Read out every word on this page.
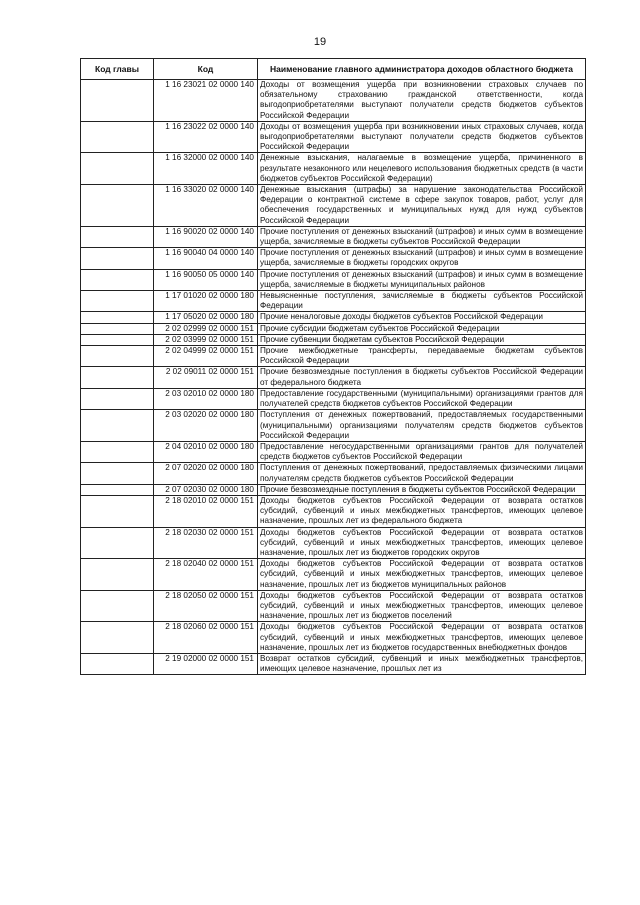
19
Код главы	Код	Наименование главного администратора доходов областного бюджета
	1 16 23021 02 0000 140	Доходы от возмещения ущерба при возникновении страховых случаев по обязательному страхованию гражданской ответственности, когда выгодоприобретателями выступают получатели средств бюджетов субъектов Российской Федерации
	1 16 23022 02 0000 140	Доходы от возмещения ущерба при возникновении иных страховых случаев, когда выгодоприобретателями выступают получатели средств бюджетов субъектов Российской Федерации
	1 16 32000 02 0000 140	Денежные взыскания, налагаемые в возмещение ущерба, причиненного в результате незаконного или нецелевого использования бюджетных средств (в части бюджетов субъектов Российской Федерации)
	1 16 33020 02 0000 140	Денежные взыскания (штрафы) за нарушение законодательства Российской Федерации о контрактной системе в сфере закупок товаров, работ, услуг для обеспечения государственных и муниципальных нужд для нужд субъектов Российской Федерации
	1 16 90020 02 0000 140	Прочие поступления от денежных взысканий (штрафов) и иных сумм в возмещение ущерба, зачисляемые в бюджеты субъектов Российской Федерации
	1 16 90040 04 0000 140	Прочие поступления от денежных взысканий (штрафов) и иных сумм в возмещение ущерба, зачисляемые в бюджеты городских округов
	1 16 90050 05 0000 140	Прочие поступления от денежных взысканий (штрафов) и иных сумм в возмещение ущерба, зачисляемые в бюджеты муниципальных районов
	1 17 01020 02 0000 180	Невыясненные поступления, зачисляемые в бюджеты субъектов Российской Федерации
	1 17 05020 02 0000 180	Прочие неналоговые доходы бюджетов субъектов Российской Федерации
	2 02 02999 02 0000 151	Прочие субсидии бюджетам субъектов Российской Федерации
	2 02 03999 02 0000 151	Прочие субвенции бюджетам субъектов Российской Федерации
	2 02 04999 02 0000 151	Прочие межбюджетные трансферты, передаваемые бюджетам субъектов Российской Федерации
	2 02 09011 02 0000 151	Прочие безвозмездные поступления в бюджеты субъектов Российской Федерации от федерального бюджета
	2 03 02010 02 0000 180	Предоставление государственными (муниципальными) организациями грантов для получателей средств бюджетов субъектов Российской Федерации
	2 03 02020 02 0000 180	Поступления от денежных пожертвований, предоставляемых государственными (муниципальными) организациями получателям средств бюджетов субъектов Российской Федерации
	2 04 02010 02 0000 180	Предоставление негосударственными организациями грантов для получателей средств бюджетов субъектов Российской Федерации
	2 07 02020 02 0000 180	Поступления от денежных пожертвований, предоставляемых физическими лицами получателям средств бюджетов субъектов Российской Федерации
	2 07 02030 02 0000 180	Прочие безвозмездные поступления в бюджеты субъектов Российской Федерации
	2 18 02010 02 0000 151	Доходы бюджетов субъектов Российской Федерации от возврата остатков субсидий, субвенций и иных межбюджетных трансфертов, имеющих целевое назначение, прошлых лет из федерального бюджета
	2 18 02030 02 0000 151	Доходы бюджетов субъектов Российской Федерации от возврата остатков субсидий, субвенций и иных межбюджетных трансфертов, имеющих целевое назначение, прошлых лет из бюджетов городских округов
	2 18 02040 02 0000 151	Доходы бюджетов субъектов Российской Федерации от возврата остатков субсидий, субвенций и иных межбюджетных трансфертов, имеющих целевое назначение, прошлых лет из бюджетов муниципальных районов
	2 18 02050 02 0000 151	Доходы бюджетов субъектов Российской Федерации от возврата остатков субсидий, субвенций и иных межбюджетных трансфертов, имеющих целевое назначение, прошлых лет из бюджетов поселений
	2 18 02060 02 0000 151	Доходы бюджетов субъектов Российской Федерации от возврата остатков субсидий, субвенций и иных межбюджетных трансфертов, имеющих целевое назначение, прошлых лет из бюджетов государственных внебюджетных фондов
	2 19 02000 02 0000 151	Возврат остатков субсидий, субвенций и иных межбюджетных трансфертов, имеющих целевое назначение, прошлых лет из
